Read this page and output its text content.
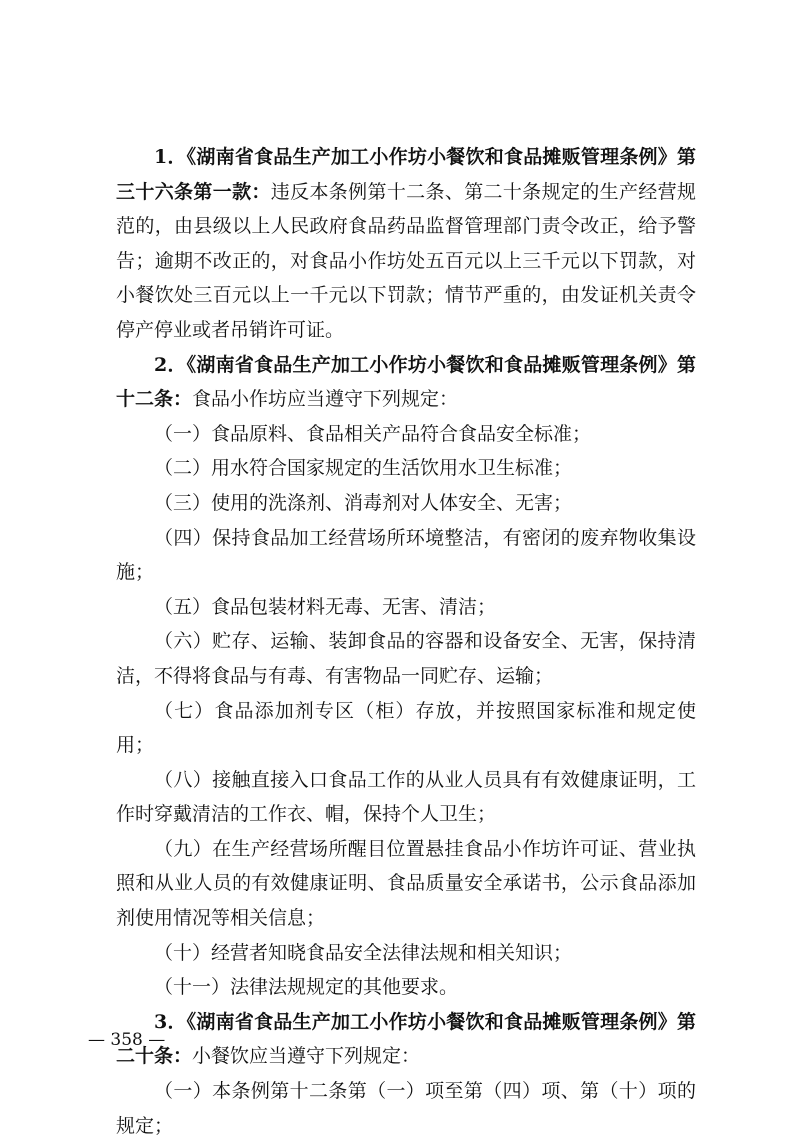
1．《湖南省食品生产加工小作坊小餐饮和食品摊贩管理条例》第三十六条第一款：违反本条例第十二条、第二十条规定的生产经营规范的，由县级以上人民政府食品药品监督管理部门责令改正，给予警告；逾期不改正的，对食品小作坊处五百元以上三千元以下罚款，对小餐饮处三百元以上一千元以下罚款；情节严重的，由发证机关责令停产停业或者吊销许可证。

2．《湖南省食品生产加工小作坊小餐饮和食品摊贩管理条例》第十二条：食品小作坊应当遵守下列规定：

（一）食品原料、食品相关产品符合食品安全标准；

（二）用水符合国家规定的生活饮用水卫生标准；

（三）使用的洗涤剂、消毒剂对人体安全、无害；

（四）保持食品加工经营场所环境整洁，有密闭的废弃物收集设施；

（五）食品包装材料无毒、无害、清洁；

（六）贮存、运输、装卸食品的容器和设备安全、无害，保持清洁，不得将食品与有毒、有害物品一同贮存、运输；

（七）食品添加剂专区（柜）存放，并按照国家标准和规定使用；

（八）接触直接入口食品工作的从业人员具有有效健康证明，工作时穿戴清洁的工作衣、帽，保持个人卫生；

（九）在生产经营场所醒目位置悬挂食品小作坊许可证、营业执照和从业人员的有效健康证明、食品质量安全承诺书，公示食品添加剂使用情况等相关信息；

（十）经营者知晓食品安全法律法规和相关知识；

（十一）法律法规规定的其他要求。

3．《湖南省食品生产加工小作坊小餐饮和食品摊贩管理条例》第二十条：小餐饮应当遵守下列规定：

（一）本条例第十二条第（一）项至第（四）项、第（十）项的规定；

— 358 —
